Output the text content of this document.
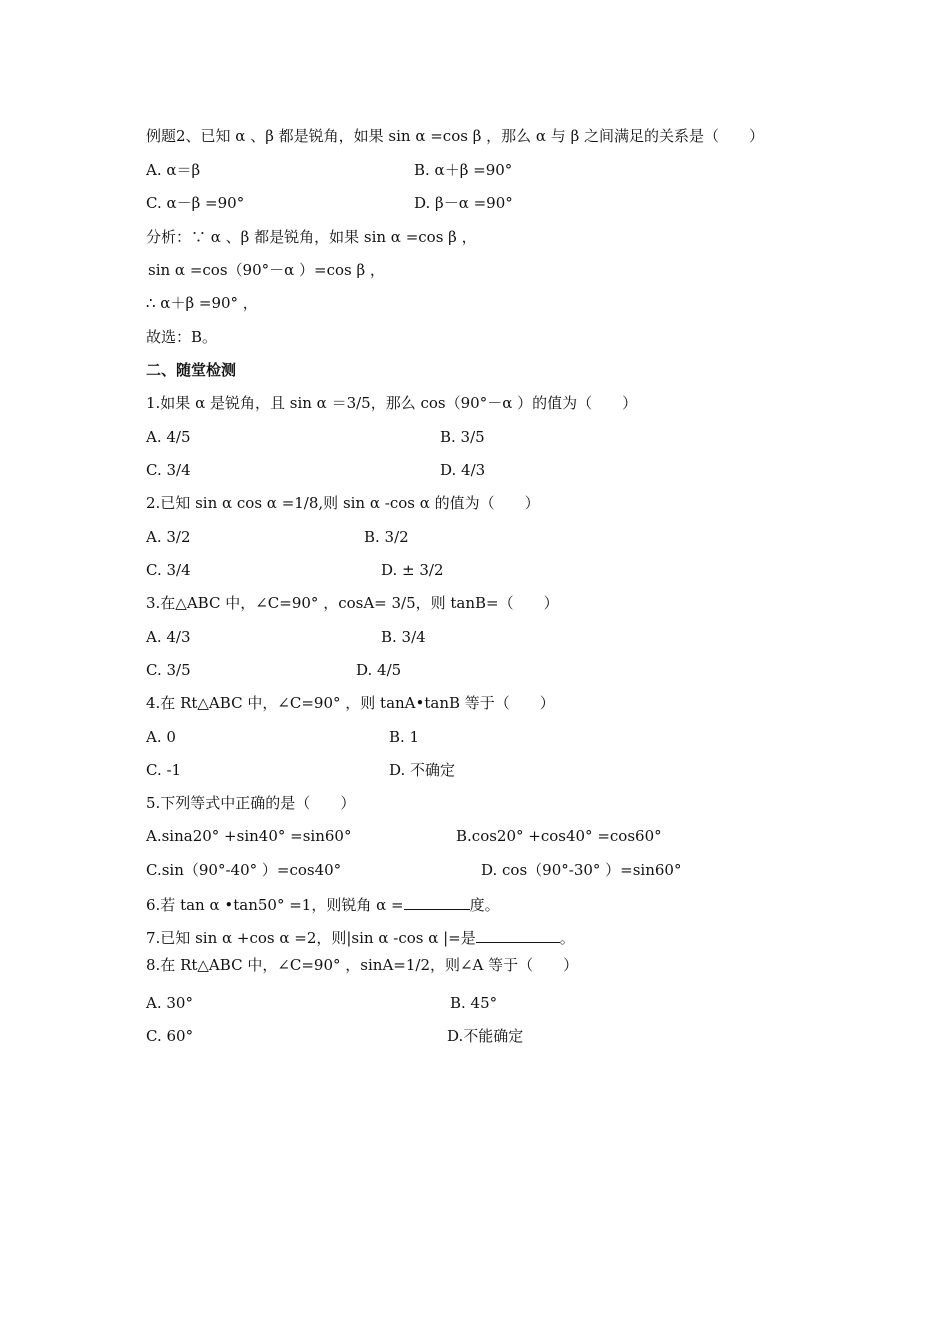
例题2、已知 α 、β 都是锐角，如果 sin α =cos β ，那么 α 与 β 之间满足的关系是（　　）
A. α＝β	B. α＋β =90°
C. α－β =90°	D. β－α =90°
分析：∵ α 、β 都是锐角，如果 sin α =cos β ，
sin α =cos（90°－α ）=cos β ，
∴ α＋β =90° ，
故选：B。
二、随堂检测
1.如果 α 是锐角，且 sin α ＝3/5，那么 cos（90°－α ）的值为（　　）
A. 4/5	B. 3/5
C. 3/4	D. 4/3
2.已知 sin α cos α =1/8,则 sin α -cos α 的值为（　　）
A. 3/2	B. 3/2
C. 3/4	D. ± 3/2
3.在△ABC 中，∠C=90° ，cosA= 3/5，则 tanB=（　　）
A. 4/3	B. 3/4
C. 3/5	D. 4/5
4.在 Rt△ABC 中，∠C=90° ，则 tanA•tanB 等于（　　）
A. 0	B. 1
C. -1	D. 不确定
5.下列等式中正确的是（　　）
A.sina20° +sin40° =sin60°	B.cos20° +cos40° =cos60°
C.sin（90°-40° ）=cos40°	D. cos（90°-30° ）=sin60°
6.若 tan α •tan50° =1，则锐角 α =	度。
7.已知 sin α +cos α =2，则|sin α -cos α |=是	。
8.在 Rt△ABC 中，∠C=90° ，sinA=1/2，则∠A 等于（　　）
A. 30°	B. 45°
C. 60°	D.不能确定
